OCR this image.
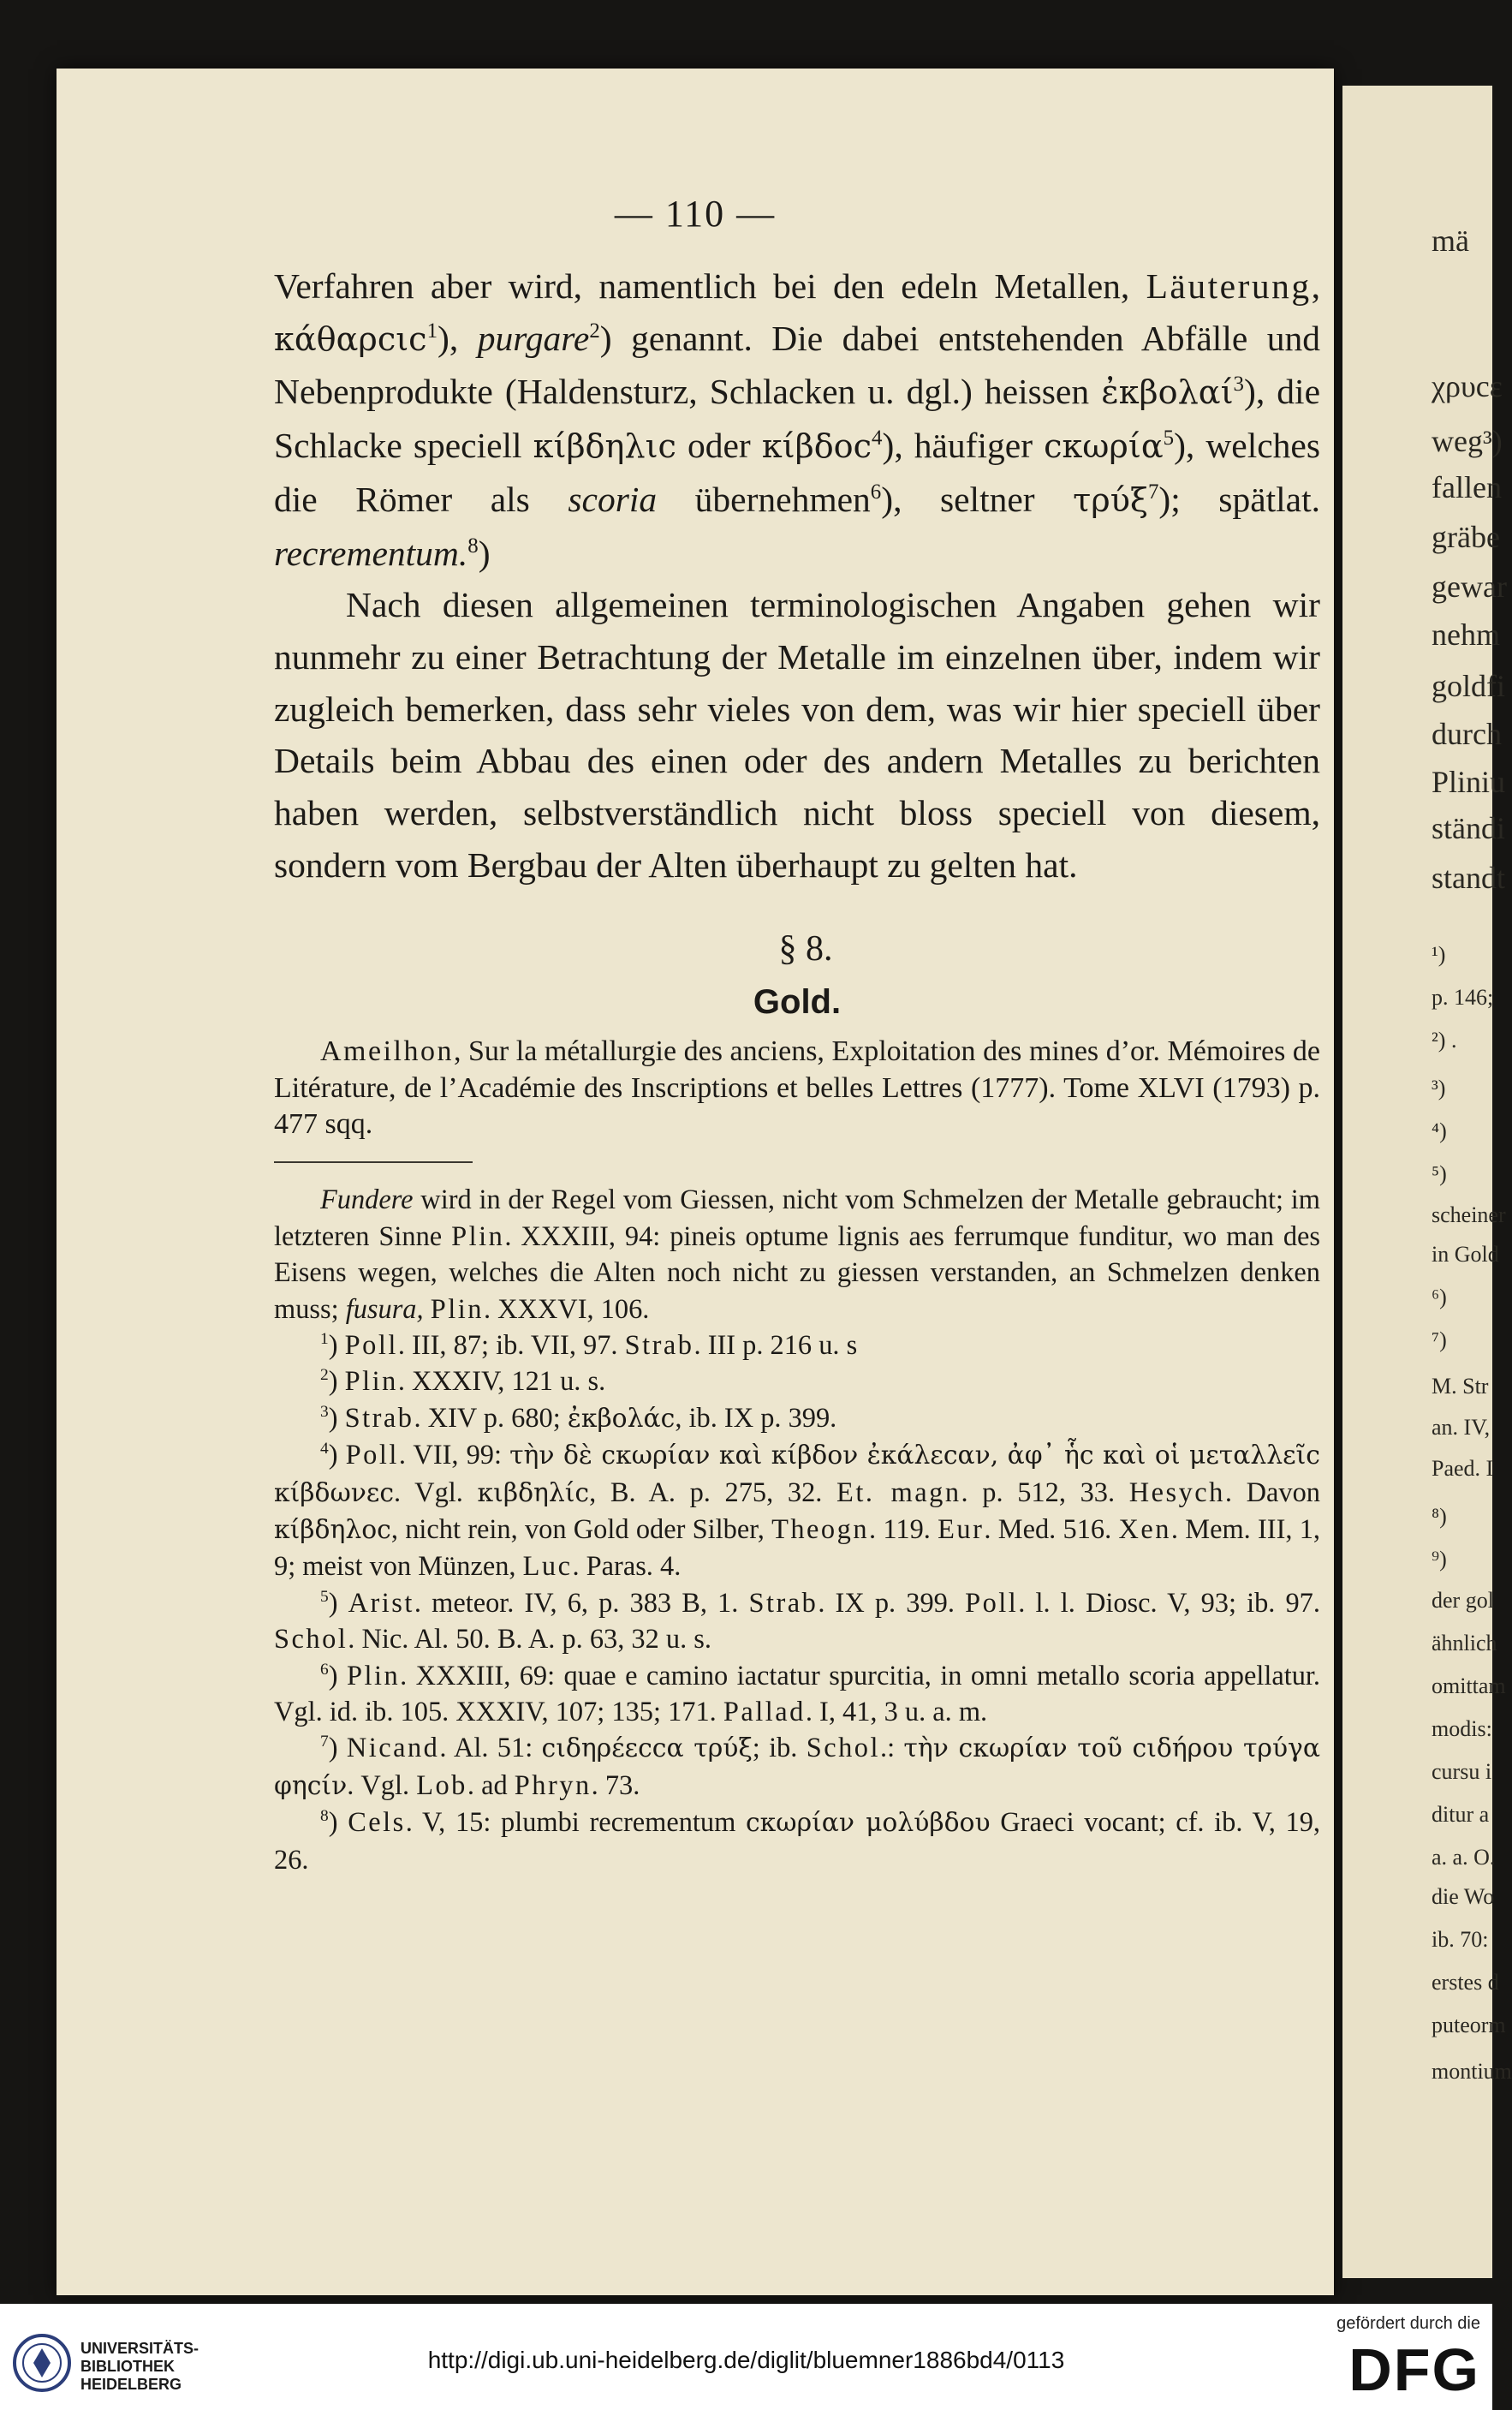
— 110 —

Verfahren aber wird, namentlich bei den edeln Metallen, Läuterung, κάθαρcιc$^1$), purgare$^2$) genannt. Die dabei entstehenden Abfälle und Nebenprodukte (Haldensturz, Schlacken u. dgl.) heissen ἐκβολαί$^3$), die Schlacke speciell κίβδηλιc oder κίβδοc$^4$), häufiger cκωρία$^5$), welches die Römer als scoria übernehmen$^6$), seltner τρύξ$^7$); spätlat. recrementum.$^8$)

Nach diesen allgemeinen terminologischen Angaben gehen wir nunmehr zu einer Betrachtung der Metalle im einzelnen über, indem wir zugleich bemerken, dass sehr vieles von dem, was wir hier speciell über Details beim Abbau des einen oder des andern Metalles zu berichten haben werden, selbstverständlich nicht bloss speciell von diesem, sondern vom Bergbau der Alten überhaupt zu gelten hat.

§ 8.

Gold.

Ameilhon, Sur la métallurgie des anciens, Exploitation des mines d’or. Mémoires de Litérature, de l’Académie des Inscriptions et belles Lettres (1777). Tome XLVI (1793) p. 477 sqq.

Fundere wird in der Regel vom Giessen, nicht vom Schmelzen der Metalle gebraucht; im letzteren Sinne Plin. XXXIII, 94: pineis optume lignis aes ferrumque funditur, wo man des Eisens wegen, welches die Alten noch nicht zu giessen verstanden, an Schmelzen denken muss; fusura, Plin. XXXVI, 106.

$^1$) Poll. III, 87; ib. VII, 97. Strab. III p. 216 u. s

$^2$) Plin. XXXIV, 121 u. s.

$^3$) Strab. XIV p. 680; ἐκβολάc, ib. IX p. 399.

$^4$) Poll. VII, 99: τὴν δὲ cκωρίαν καὶ κίβδον ἐκάλεcαν, ἀφ᾽ ἧc καὶ οἱ μεταλλεῖc κίβδωνεc. Vgl. κιβδηλίc, B. A. p. 275, 32. Et. magn. p. 512, 33. Hesych. Davon κίβδηλοc, nicht rein, von Gold oder Silber, Theogn. 119. Eur. Med. 516. Xen. Mem. III, 1, 9; meist von Münzen, Luc. Paras. 4.

$^5$) Arist. meteor. IV, 6, p. 383 B, 1. Strab. IX p. 399. Poll. l. l. Diosc. V, 93; ib. 97. Schol. Nic. Al. 50. B. A. p. 63, 32 u. s.

$^6$) Plin. XXXIII, 69: quae e camino iactatur spurcitia, in omni metallo scoria appellatur. Vgl. id. ib. 105. XXXIV, 107; 135; 171. Pallad. I, 41, 3 u. a. m.

$^7$) Nicand. Al. 51: cιδηρέεccα τρύξ; ib. Schol.: τὴν cκωρίαν τοῦ cιδήρου τρύγα φηcίν. Vgl. Lob. ad Phryn. 73.

$^8$) Cels. V, 15: plumbi recrementum cκωρίαν μολύβδου Graeci vocant; cf. ib. V, 19, 26.

UNIVERSITÄTS-
BIBLIOTHEK
HEIDELBERG
http://digi.ub.uni-heidelberg.de/diglit/bluemner1886bd4/0113
gefördert durch die
DFG
mä
χρυcε
weg³)
fallen
gräbe
gewar
nehm
goldfi
durch
Pliniu
ständi
standt
¹)
p. 146;
²) .
³)
⁴)
⁵)
scheiner
in Gold
⁶)
⁷)
M. Str
an. IV,
Paed. I
⁸)
⁹)
der gol
ähnlich
omittam
modis:
cursu i
ditur a
a. a. O.
die Wo
ib. 70:
erstes d
puteorm
montium
